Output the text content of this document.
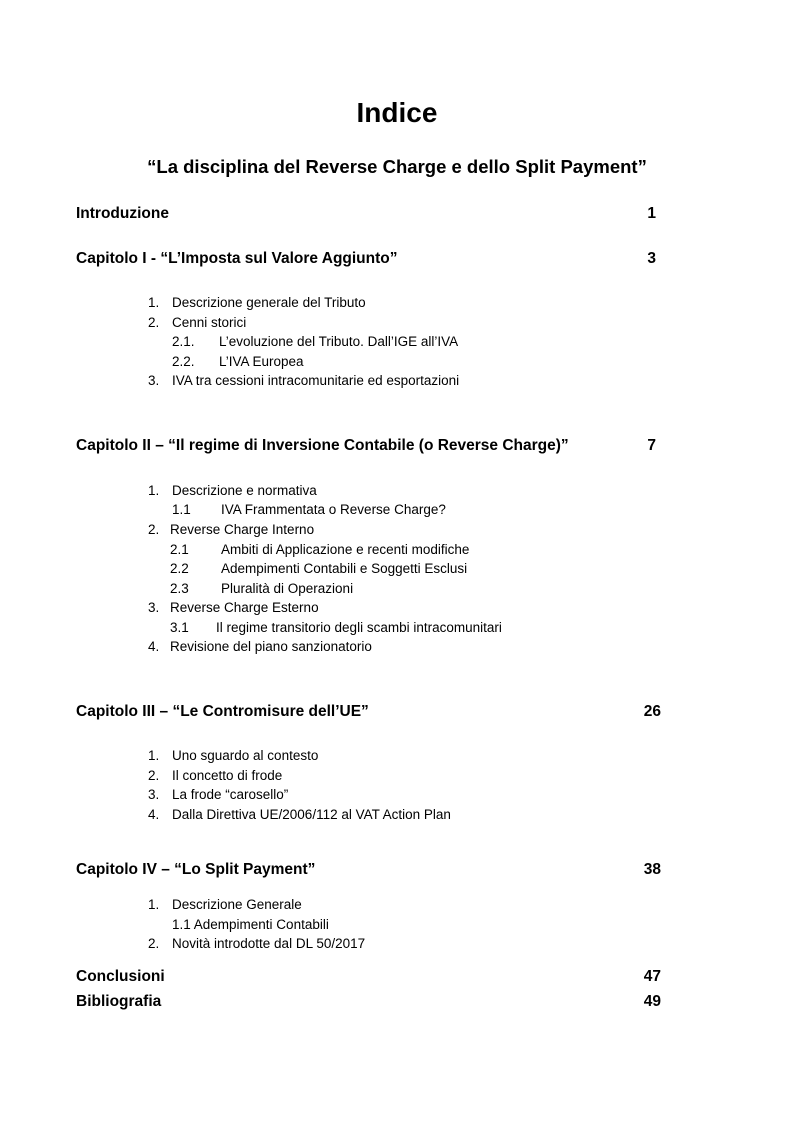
Indice
“La disciplina del Reverse Charge e dello Split Payment”
Introduzione	1
Capitolo I - “L’Imposta sul Valore Aggiunto”	3
1. Descrizione generale del Tributo
2. Cenni storici
2.1. L’evoluzione del Tributo. Dall’IGE all’IVA
2.2. L’IVA Europea
3. IVA tra cessioni intracomunitarie ed esportazioni
Capitolo II – “Il regime di Inversione Contabile (o Reverse Charge)”	7
1. Descrizione e normativa
1.1 IVA Frammentata o Reverse Charge?
2. Reverse Charge Interno
2.1 Ambiti di Applicazione e recenti modifiche
2.2 Adempimenti Contabili e Soggetti Esclusi
2.3 Pluralità di Operazioni
3. Reverse Charge Esterno
3.1 Il regime transitorio degli scambi intracomunitari
4. Revisione del piano sanzionatorio
Capitolo III – “Le Contromisure dell’UE”	26
1. Uno sguardo al contesto
2. Il concetto di frode
3. La frode “carosello”
4. Dalla Direttiva UE/2006/112 al VAT Action Plan
Capitolo IV – “Lo Split Payment”	38
1. Descrizione Generale
1.1 Adempimenti Contabili
2. Novità introdotte dal DL 50/2017
Conclusioni	47
Bibliografia	49
